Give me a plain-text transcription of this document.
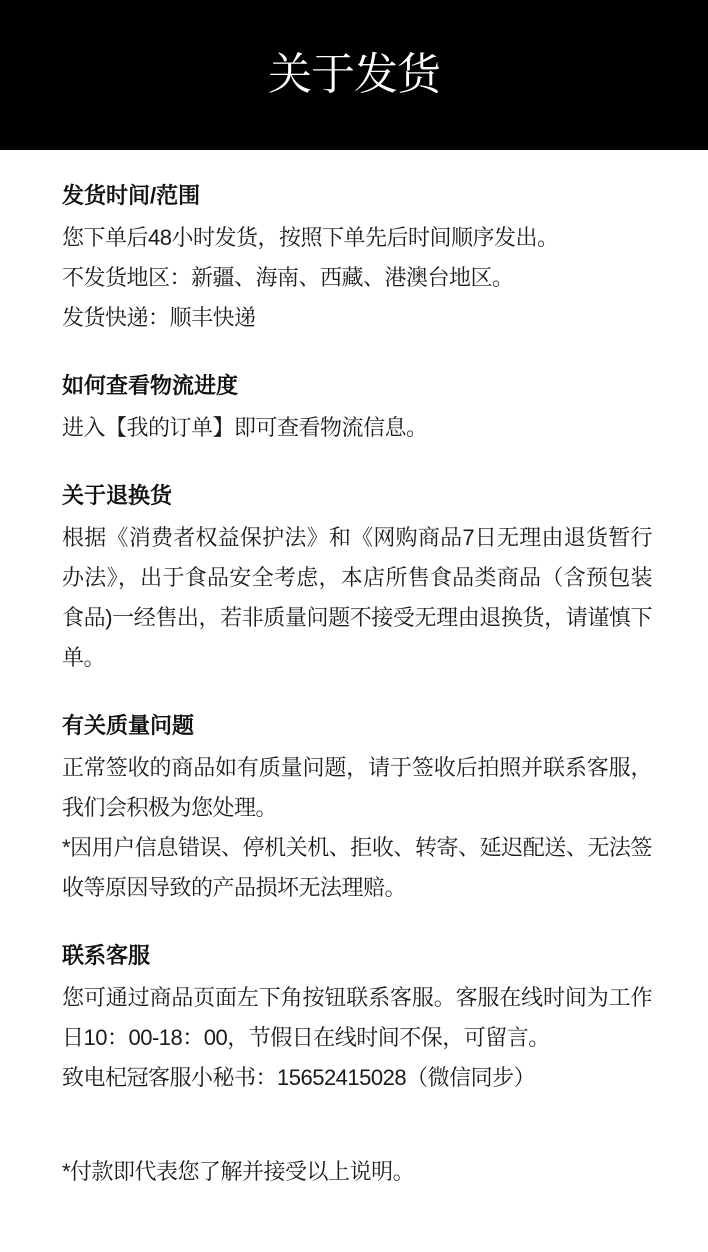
关于发货
发货时间/范围

您下单后48小时发货，按照下单先后时间顺序发出。

不发货地区：新疆、海南、西藏、港澳台地区。

发货快递：顺丰快递

如何查看物流进度

进入【我的订单】即可查看物流信息。

关于退换货

根据《消费者权益保护法》和《网购商品7日无理由退货暂行办法》，出于食品安全考虑，本店所售食品类商品（含预包装食品)一经售出，若非质量问题不接受无理由退换货，请谨慎下单。

有关质量问题

正常签收的商品如有质量问题，请于签收后拍照并联系客服，我们会积极为您处理。

*因用户信息错误、停机关机、拒收、转寄、延迟配送、无法签收等原因导致的产品损坏无法理赔。

联系客服

您可通过商品页面左下角按钮联系客服。客服在线时间为工作日10：00-18：00，节假日在线时间不保，可留言。

致电杞冠客服小秘书：15652415028（微信同步）

*付款即代表您了解并接受以上说明。
